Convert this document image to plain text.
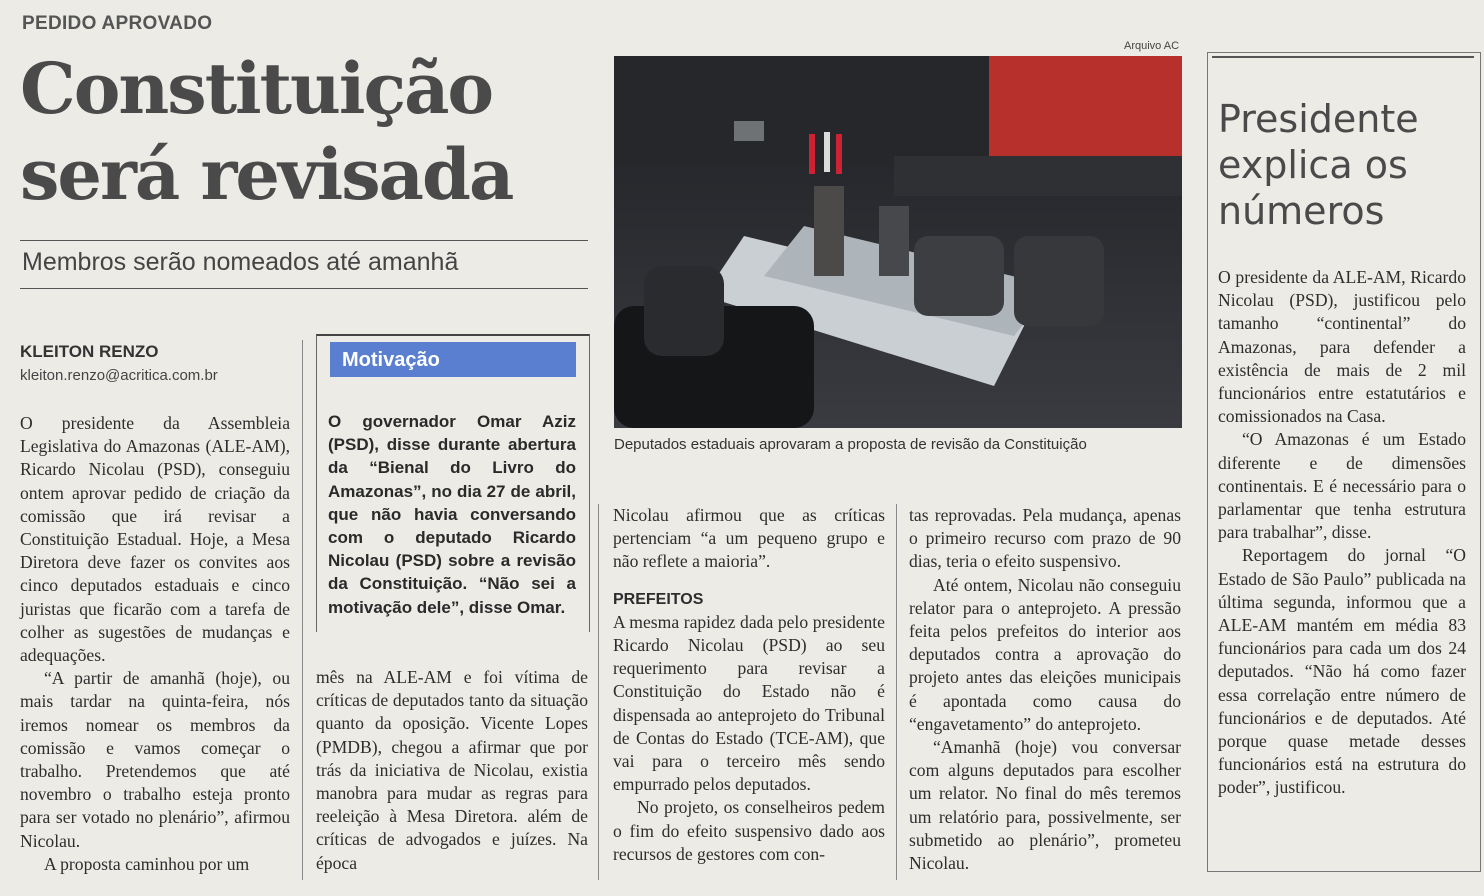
PEDIDO APROVADO
Constituição
será revisada
Membros serão nomeados até amanhã
KLEITON RENZO
kleiton.renzo@acritica.com.br

O presidente da Assembleia Legislativa do Amazonas (ALE-AM), Ricardo Nicolau (PSD), conseguiu ontem aprovar pedido de criação da comissão que irá revisar a Constituição Estadual. Hoje, a Mesa Diretora deve fazer os convites aos cinco deputados estaduais e cinco juristas que ficarão com a tarefa de colher as sugestões de mudanças e adequações.

“A partir de amanhã (hoje), ou mais tardar na quinta-feira, nós iremos nomear os membros da comissão e vamos começar o trabalho. Pretendemos que até novembro o trabalho esteja pronto para ser votado no plenário”, afirmou Nicolau.

A proposta caminhou por um

Motivação
O governador Omar Aziz (PSD), disse durante abertura da “Bienal do Livro do Amazonas”, no dia 27 de abril, que não havia conversando com o deputado Ricardo Nicolau (PSD) sobre a revisão da Constituição. “Não sei a motivação dele”, disse Omar.

mês na ALE-AM e foi vítima de críticas de deputados tanto da situação quanto da oposição. Vicente Lopes (PMDB), chegou a afirmar que por trás da iniciativa de Nicolau, existia manobra para mudar as regras para reeleição à Mesa Diretora. além de críticas de advogados e juízes. Na época

Arquivo AC
Deputados estaduais aprovaram a proposta de revisão da Constituição

Nicolau afirmou que as críticas pertenciam “a um pequeno grupo e não reflete a maioria”.

PREFEITOS

A mesma rapidez dada pelo presidente Ricardo Nicolau (PSD) ao seu requerimento para revisar a Constituição do Estado não é dispensada ao anteprojeto do Tribunal de Contas do Estado (TCE-AM), que vai para o terceiro mês sendo empurrado pelos deputados.

No projeto, os conselheiros pedem o fim do efeito suspensivo dado aos recursos de gestores com con-

tas reprovadas. Pela mudança, apenas o primeiro recurso com prazo de 90 dias, teria o efeito suspensivo.

Até ontem, Nicolau não conseguiu relator para o anteprojeto. A pressão feita pelos prefeitos do interior aos deputados contra a aprovação do projeto antes das eleições municipais é apontada como causa do “engavetamento” do anteprojeto.

“Amanhã (hoje) vou conversar com alguns deputados para escolher um relator. No final do mês teremos um relatório para, possivelmente, ser submetido ao plenário”, prometeu Nicolau.

Presidente
explica os
números

O presidente da ALE-AM, Ricardo Nicolau (PSD), justificou pelo tamanho “continental” do Amazonas, para defender a existência de mais de 2 mil funcionários entre estatutários e comissionados na Casa.

“O Amazonas é um Estado diferente e de dimensões continentais. E é necessário para o parlamentar que tenha estrutura para trabalhar”, disse.

Reportagem do jornal “O Estado de São Paulo” publicada na última segunda, informou que a ALE-AM mantém em média 83 funcionários para cada um dos 24 deputados. “Não há como fazer essa correlação entre número de funcionários e de deputados. Até porque quase metade desses funcionários está na estrutura do poder”, justificou.
